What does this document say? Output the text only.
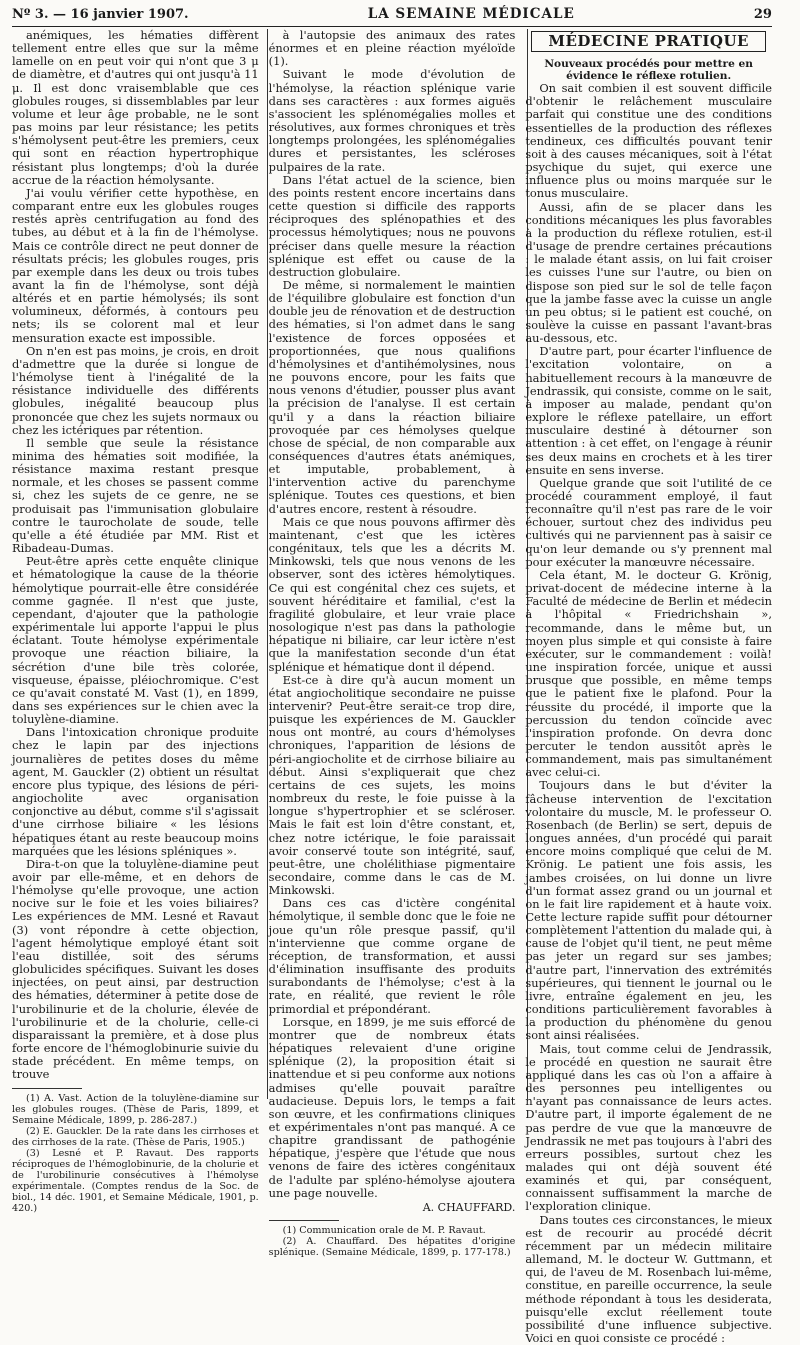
Nº 3. — 16 janvier 1907.	LA SEMAINE MÉDICALE	29

anémiques, les hématies diffèrent tellement entre elles que sur la même lamelle on en peut voir qui n'ont que 3 μ de diamètre, et d'autres qui ont jusqu'à 11 μ. Il est donc vraisemblable que ces globules rouges, si dissemblables par leur volume et leur âge probable, ne le sont pas moins par leur résistance; les petits s'hémolysent peut-être les premiers, ceux qui sont en réaction hypertrophique résistant plus longtemps; d'où la durée accrue de la réaction hémolysante.

J'ai voulu vérifier cette hypothèse, en comparant entre eux les globules rouges restés après centrifugation au fond des tubes, au début et à la fin de l'hémolyse. Mais ce contrôle direct ne peut donner de résultats précis; les globules rouges, pris par exemple dans les deux ou trois tubes avant la fin de l'hémolyse, sont déjà altérés et en partie hémolysés; ils sont volumineux, déformés, à contours peu nets; ils se colorent mal et leur mensuration exacte est impossible.

On n'en est pas moins, je crois, en droit d'admettre que la durée si longue de l'hémolyse tient à l'inégalité de la résistance individuelle des différents globules, inégalité beaucoup plus prononcée que chez les sujets normaux ou chez les ictériques par rétention.

Il semble que seule la résistance minima des hématies soit modifiée, la résistance maxima restant presque normale, et les choses se passent comme si, chez les sujets de ce genre, ne se produisait pas l'immunisation globulaire contre le taurocholate de soude, telle qu'elle a été étudiée par MM. Rist et Ribadeau-Dumas.

Peut-être après cette enquête clinique et hématologique la cause de la théorie hémolytique pourrait-elle être considérée comme gagnée. Il n'est que juste, cependant, d'ajouter que la pathologie expérimentale lui apporte l'appui le plus éclatant. Toute hémolyse expérimentale provoque une réaction biliaire, la sécrétion d'une bile très colorée, visqueuse, épaisse, pléiochromique. C'est ce qu'avait constaté M. Vast (1), en 1899, dans ses expériences sur le chien avec la toluylène-diamine.

Dans l'intoxication chronique produite chez le lapin par des injections journalières de petites doses du même agent, M. Gauckler (2) obtient un résultat encore plus typique, des lésions de péri-angiocholite avec organisation conjonctive au début, comme s'il s'agissait d'une cirrhose biliaire « les lésions hépatiques étant au reste beaucoup moins marquées que les lésions spléniques ».

Dira-t-on que la toluylène-diamine peut avoir par elle-même, et en dehors de l'hémolyse qu'elle provoque, une action nocive sur le foie et les voies biliaires? Les expériences de MM. Lesné et Ravaut (3) vont répondre à cette objection, l'agent hémolytique employé étant soit l'eau distillée, soit des sérums globulicides spécifiques. Suivant les doses injectées, on peut ainsi, par destruction des hématies, déterminer à petite dose de l'urobilinurie et de la cholurie, élevée de l'urobilinurie et de la cholurie, celle-ci disparaissant la première, et à dose plus forte encore de l'hémoglobinurie suivie du stade précédent. En même temps, on trouve

(1) A. Vast. Action de la toluylène-diamine sur les globules rouges. (Thèse de Paris, 1899, et Semaine Médicale, 1899, p. 286-287.)

(2) E. Gauckler. De la rate dans les cirrhoses et des cirrhoses de la rate. (Thèse de Paris, 1905.)

(3) Lesné et P. Ravaut. Des rapports réciproques de l'hémoglobinurie, de la cholurie et de l'urobilinurie consécutives à l'hémolyse expérimentale. (Comptes rendus de la Soc. de biol., 14 déc. 1901, et Semaine Médicale, 1901, p. 420.)

à l'autopsie des animaux des rates énormes et en pleine réaction myéloïde (1).

Suivant le mode d'évolution de l'hémolyse, la réaction splénique varie dans ses caractères : aux formes aiguës s'associent les splénomégalies molles et résolutives, aux formes chroniques et très longtemps prolongées, les splénomégalies dures et persistantes, les scléroses pulpaires de la rate.

Dans l'état actuel de la science, bien des points restent encore incertains dans cette question si difficile des rapports réciproques des splénopathies et des processus hémolytiques; nous ne pouvons préciser dans quelle mesure la réaction splénique est effet ou cause de la destruction globulaire.

De même, si normalement le maintien de l'équilibre globulaire est fonction d'un double jeu de rénovation et de destruction des hématies, si l'on admet dans le sang l'existence de forces opposées et proportionnées, que nous qualifions d'hémolysines et d'antihémolysines, nous ne pouvons encore, pour les faits que nous venons d'étudier, pousser plus avant la précision de l'analyse. Il est certain qu'il y a dans la réaction biliaire provoquée par ces hémolyses quelque chose de spécial, de non comparable aux conséquences d'autres états anémiques, et imputable, probablement, à l'intervention active du parenchyme splénique. Toutes ces questions, et bien d'autres encore, restent à résoudre.

Mais ce que nous pouvons affirmer dès maintenant, c'est que les ictères congénitaux, tels que les a décrits M. Minkowski, tels que nous venons de les observer, sont des ictères hémolytiques. Ce qui est congénital chez ces sujets, et souvent héréditaire et familial, c'est la fragilité globulaire, et leur vraie place nosologique n'est pas dans la pathologie hépatique ni biliaire, car leur ictère n'est que la manifestation seconde d'un état splénique et hématique dont il dépend.

Est-ce à dire qu'à aucun moment un état angiocholitique secondaire ne puisse intervenir? Peut-être serait-ce trop dire, puisque les expériences de M. Gauckler nous ont montré, au cours d'hémolyses chroniques, l'apparition de lésions de péri-angiocholite et de cirrhose biliaire au début. Ainsi s'expliquerait que chez certains de ces sujets, les moins nombreux du reste, le foie puisse à la longue s'hypertrophier et se scléroser. Mais le fait est loin d'être constant, et, chez notre ictérique, le foie paraissait avoir conservé toute son intégrité, sauf, peut-être, une cholélithiase pigmentaire secondaire, comme dans le cas de M. Minkowski.

Dans ces cas d'ictère congénital hémolytique, il semble donc que le foie ne joue qu'un rôle presque passif, qu'il n'intervienne que comme organe de réception, de transformation, et aussi d'élimination insuffisante des produits surabondants de l'hémolyse; c'est à la rate, en réalité, que revient le rôle primordial et prépondérant.

Lorsque, en 1899, je me suis efforcé de montrer que de nombreux états hépatiques relevaient d'une origine splénique (2), la proposition était si inattendue et si peu conforme aux notions admises qu'elle pouvait paraître audacieuse. Depuis lors, le temps a fait son œuvre, et les confirmations cliniques et expérimentales n'ont pas manqué. A ce chapitre grandissant de pathogénie hépatique, j'espère que l'étude que nous venons de faire des ictères congénitaux de l'adulte par spléno-hémolyse ajoutera une page nouvelle.

A. CHAUFFARD.

(1) Communication orale de M. P. Ravaut.

(2) A. Chauffard. Des hépatites d'origine splénique. (Semaine Médicale, 1899, p. 177-178.)

MÉDECINE PRATIQUE

Nouveaux procédés pour mettre en évidence le réflexe rotulien.

On sait combien il est souvent difficile d'obtenir le relâchement musculaire parfait qui constitue une des conditions essentielles de la production des réflexes tendineux, ces difficultés pouvant tenir soit à des causes mécaniques, soit à l'état psychique du sujet, qui exerce une influence plus ou moins marquée sur le tonus musculaire.

Aussi, afin de se placer dans les conditions mécaniques les plus favorables à la production du réflexe rotulien, est-il d'usage de prendre certaines précautions : le malade étant assis, on lui fait croiser les cuisses l'une sur l'autre, ou bien on dispose son pied sur le sol de telle façon que la jambe fasse avec la cuisse un angle un peu obtus; si le patient est couché, on soulève la cuisse en passant l'avant-bras au-dessous, etc.

D'autre part, pour écarter l'influence de l'excitation volontaire, on a habituellement recours à la manœuvre de Jendrassik, qui consiste, comme on le sait, à imposer au malade, pendant qu'on explore le réflexe patellaire, un effort musculaire destiné à détourner son attention : à cet effet, on l'engage à réunir ses deux mains en crochets et à les tirer ensuite en sens inverse.

Quelque grande que soit l'utilité de ce procédé couramment employé, il faut reconnaître qu'il n'est pas rare de le voir échouer, surtout chez des individus peu cultivés qui ne parviennent pas à saisir ce qu'on leur demande ou s'y prennent mal pour exécuter la manœuvre nécessaire.

Cela étant, M. le docteur G. Krönig, privat-docent de médecine interne à la Faculté de médecine de Berlin et médecin à l'hôpital « Friedrichshain », recommande, dans le même but, un moyen plus simple et qui consiste à faire exécuter, sur le commandement : voilà! une inspiration forcée, unique et aussi brusque que possible, en même temps que le patient fixe le plafond. Pour la réussite du procédé, il importe que la percussion du tendon coïncide avec l'inspiration profonde. On devra donc percuter le tendon aussitôt après le commandement, mais pas simultanément avec celui-ci.

Toujours dans le but d'éviter la fâcheuse intervention de l'excitation volontaire du muscle, M. le professeur O. Rosenbach (de Berlin) se sert, depuis de longues années, d'un procédé qui parait encore moins compliqué que celui de M. Krönig. Le patient une fois assis, les jambes croisées, on lui donne un livre d'un format assez grand ou un journal et on le fait lire rapidement et à haute voix. Cette lecture rapide suffit pour détourner complètement l'attention du malade qui, à cause de l'objet qu'il tient, ne peut même pas jeter un regard sur ses jambes; d'autre part, l'innervation des extrémités supérieures, qui tiennent le journal ou le livre, entraîne également en jeu, les conditions particulièrement favorables à la production du phénomène du genou sont ainsi réalisées.

Mais, tout comme celui de Jendrassik, le procédé en question ne saurait être appliqué dans les cas où l'on a affaire à des personnes peu intelligentes ou n'ayant pas connaissance de leurs actes. D'autre part, il importe également de ne pas perdre de vue que la manœuvre de Jendrassik ne met pas toujours à l'abri des erreurs possibles, surtout chez les malades qui ont déjà souvent été examinés et qui, par conséquent, connaissent suffisamment la marche de l'exploration clinique.

Dans toutes ces circonstances, le mieux est de recourir au procédé décrit récemment par un médecin militaire allemand, M. le docteur W. Guttmann, et qui, de l'aveu de M. Rosenbach lui-même, constitue, en pareille occurrence, la seule méthode répondant à tous les desiderata, puisqu'elle exclut réellement toute possibilité d'une influence subjective. Voici en quoi consiste ce procédé :
